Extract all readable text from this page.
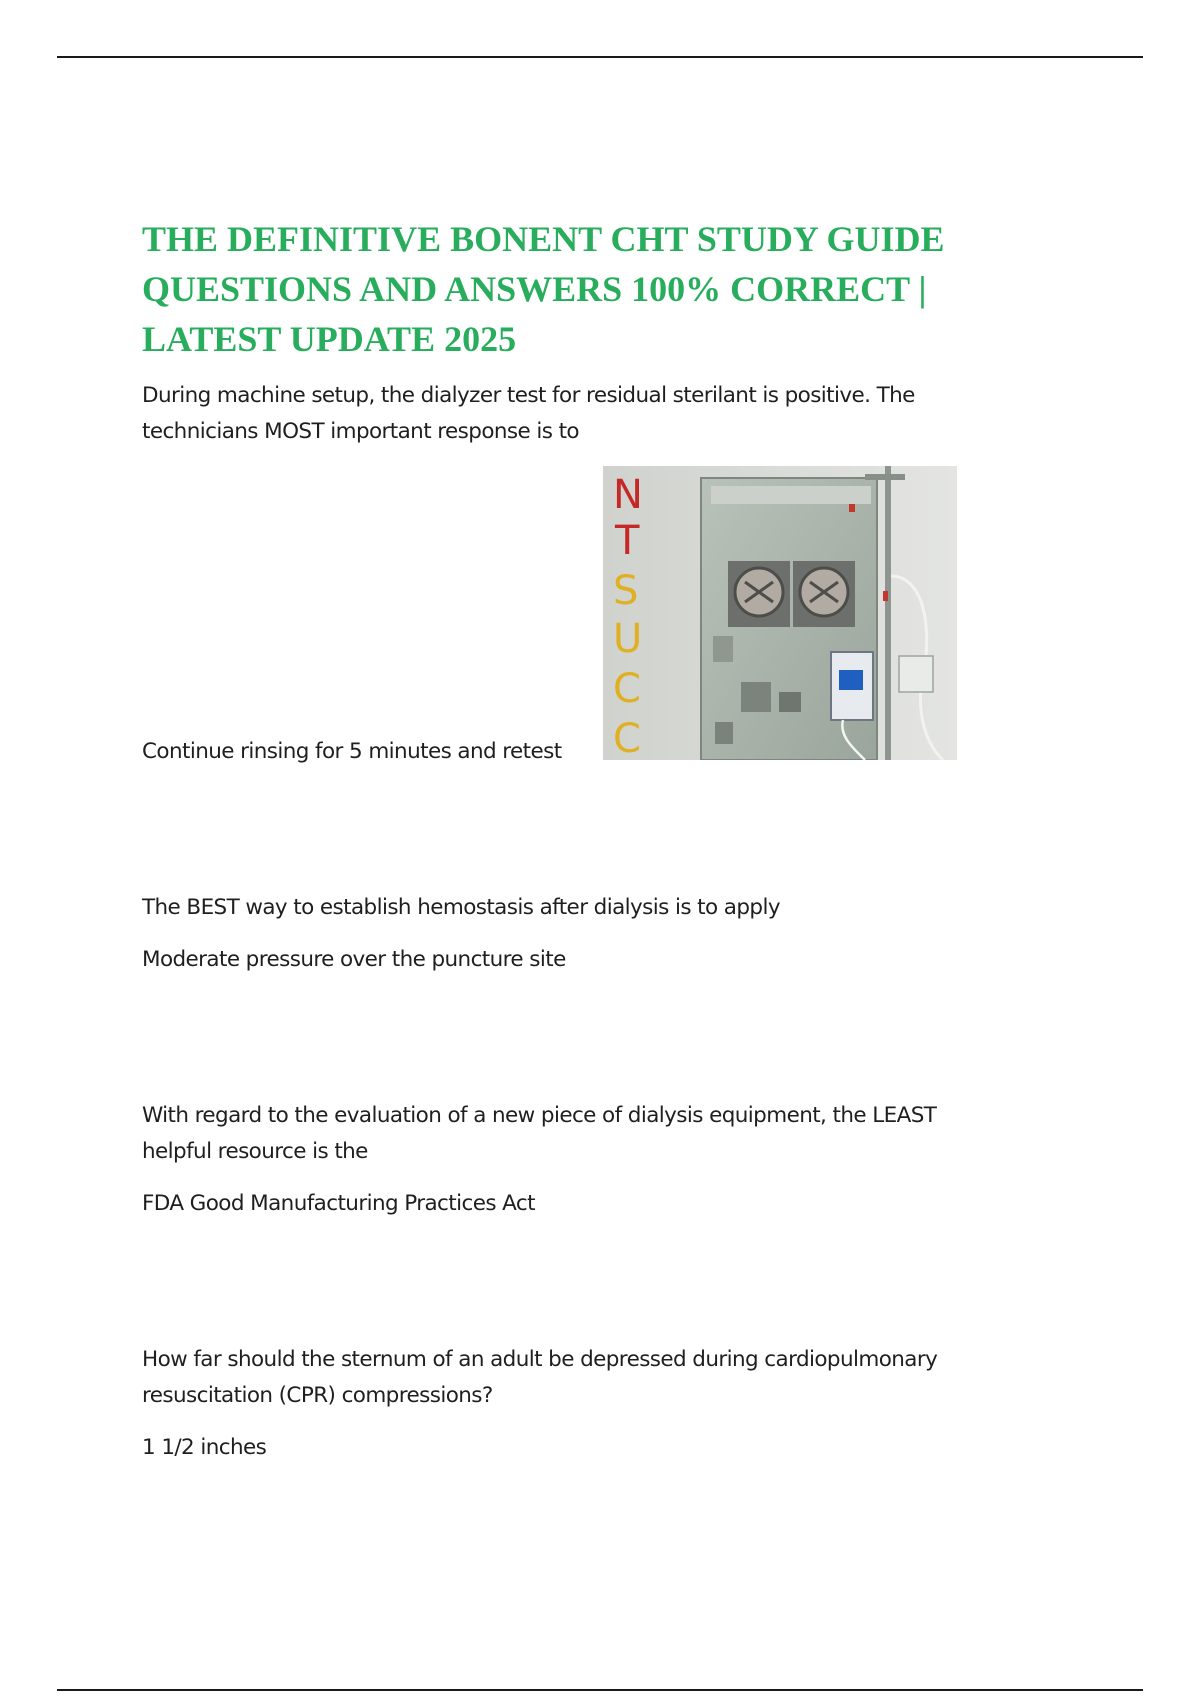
THE DEFINITIVE BONENT CHT STUDY GUIDE
QUESTIONS AND ANSWERS 100% CORRECT |
LATEST UPDATE 2025

During machine setup, the dialyzer test for residual sterilant is positive. The
technicians MOST important response is to

N
T
S
U
C
C

Continue rinsing for 5 minutes and retest

The BEST way to establish hemostasis after dialysis is to apply

Moderate pressure over the puncture site

With regard to the evaluation of a new piece of dialysis equipment, the LEAST
helpful resource is the

FDA Good Manufacturing Practices Act

How far should the sternum of an adult be depressed during cardiopulmonary
resuscitation (CPR) compressions?

1 1/2 inches
